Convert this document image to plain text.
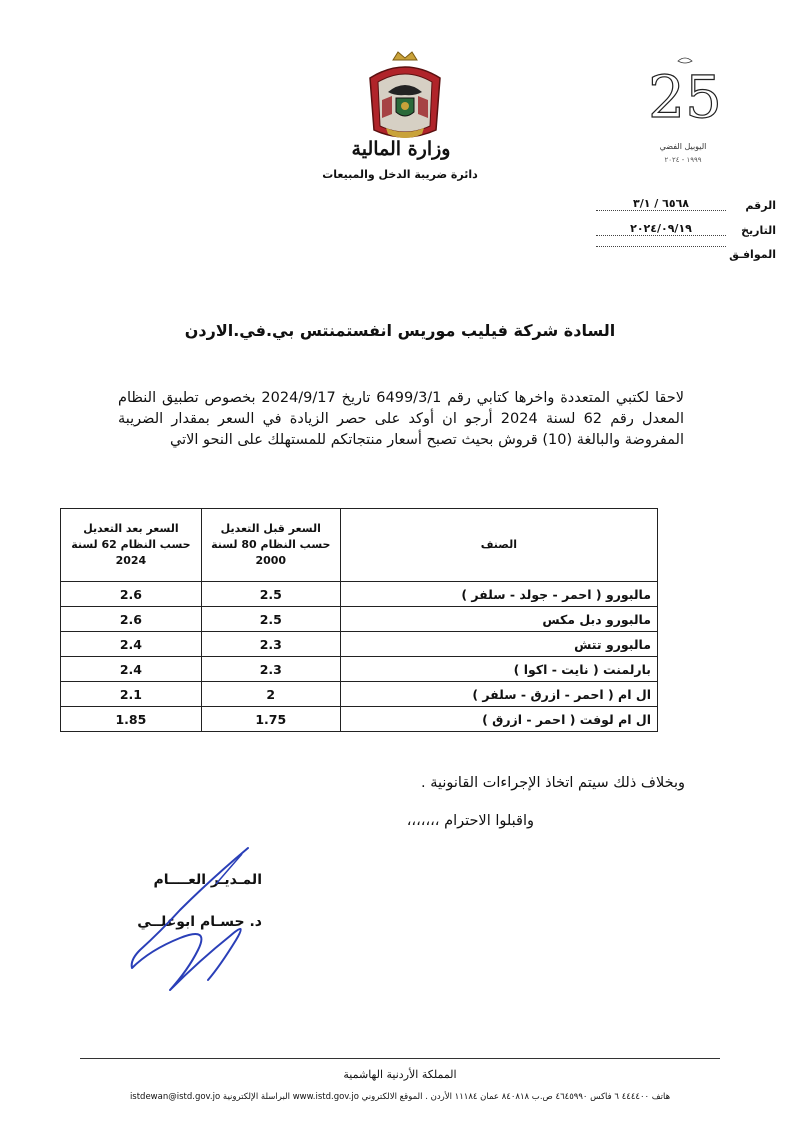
وزارة المالية
دائرة ضريبة الدخل والمبيعات
25
اليوبيل الفضي
١٩٩٩ - ٢٠٢٤
الرقم
٦٥٦٨ / ٣/١
التاريخ
٢٠٢٤/٠٩/١٩
الموافـق
السادة شركة فيليب موريس انفستمنتس بي.في.الاردن
لاحقا لكتبي المتعددة واخرها كتابي رقم 6499/3/1 تاريخ 2024/9/17 بخصوص تطبيق النظام المعدل رقم 62 لسنة 2024 أرجو ان أوكد على حصر الزيادة في السعر بمقدار الضريبة المفروضة والبالغة (10) قروش بحيث تصبح أسعار منتجاتكم للمستهلك على النحو الاتي
الصنف	السعر قبل التعديل حسب النظام 80 لسنة 2000	السعر بعد التعديل حسب النظام 62 لسنة 2024
مالبورو ( احمر - جولد - سلفر )	2.5	2.6
مالبورو دبل مكس	2.5	2.6
مالبورو تتش	2.3	2.4
بارلمنت ( نايت - اكوا )	2.3	2.4
ال ام ( احمر - ازرق - سلفر )	2	2.1
ال ام لوفت ( احمر - ازرق )	1.75	1.85
وبخلاف ذلك سيتم اتخاذ الإجراءات القانونية .
واقبلوا الاحترام ،،،،،،،
المـديـر العــــام
د. حسـام ابوعلــي
المملكة الأردنية الهاشمية
هاتف ٤٤٤٤٠٠ ٦ فاكس ٤٦٤٥٩٩٠ ص.ب ٨٤٠٨١٨ عمان ١١١٨٤ الأردن . الموقع الالكتروني www.istd.gov.jo البراسلة الإلكترونية istdewan@istd.gov.jo
